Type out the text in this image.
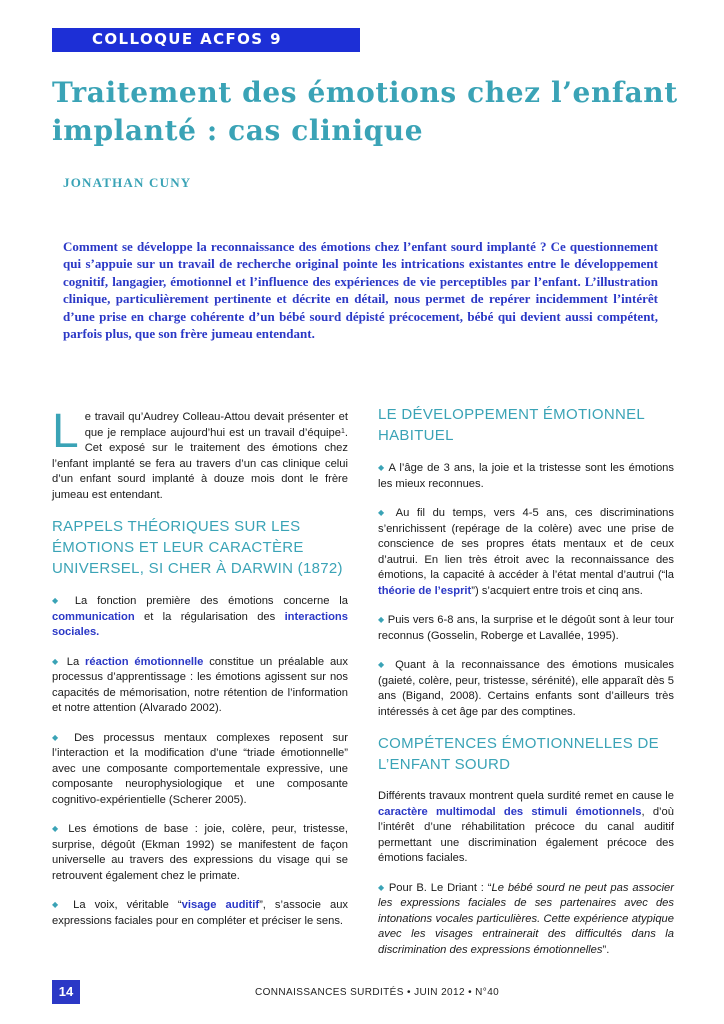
COLLOQUE ACFOS 9
Traitement des émotions chez l’enfant implanté : cas clinique
JONATHAN CUNY

Comment se développe la reconnaissance des émotions chez l’enfant sourd implanté ? Ce questionnement qui s’appuie sur un travail de recherche original pointe les intrications existantes entre le développement cognitif, langagier, émotionnel et l’influence des expériences de vie perceptibles par l’enfant. L’illustration clinique, particulièrement pertinente et décrite en détail, nous permet de repérer incidemment l’intérêt d’une prise en charge cohérente d’un bébé sourd dépisté précocement, bébé qui devient aussi compétent, parfois plus, que son frère jumeau entendant.

Le travail qu’Audrey Colleau-Attou devait présenter et que je remplace aujourd’hui est un travail d’équipe$^1$. Cet exposé sur le traitement des émotions chez l’enfant implanté se fera au travers d’un cas clinique celui d’un enfant sourd implanté à douze mois dont le frère jumeau est entendant.

RAPPELS THÉORIQUES SUR LES ÉMOTIONS ET LEUR CARACTÈRE UNIVERSEL, SI CHER À DARWIN (1872)

◆ La fonction première des émotions concerne la communication et la régularisation des interactions sociales.

◆ La réaction émotionnelle constitue un préalable aux processus d’apprentissage : les émotions agissent sur nos capacités de mémorisation, notre rétention de l’information et notre attention (Alvarado 2002).

◆ Des processus mentaux complexes reposent sur l’interaction et la modification d’une “triade émotionnelle” avec une composante comportementale expressive, une composante neurophysiologique et une composante cognitivo-expérientielle (Scherer 2005).

◆ Les émotions de base : joie, colère, peur, tristesse, surprise, dégoût (Ekman 1992) se manifestent de façon universelle au travers des expressions du visage qui se retrouvent également chez le primate.

◆ La voix, véritable “visage auditif”, s’associe aux expressions faciales pour en compléter et préciser le sens.

LE DÉVELOPPEMENT ÉMOTIONNEL HABITUEL

◆ A l’âge de 3 ans, la joie et la tristesse sont les émotions les mieux reconnues.

◆ Au fil du temps, vers 4-5 ans, ces discriminations s’enrichissent (repérage de la colère) avec une prise de conscience de ses propres états mentaux et de ceux d’autrui. En lien très étroit avec la reconnaissance des émotions, la capacité à accéder à l’état mental d’autrui (“la théorie de l’esprit”) s’acquiert entre trois et cinq ans.

◆ Puis vers 6-8 ans, la surprise et le dégoût sont à leur tour reconnus (Gosselin, Roberge et Lavallée, 1995).

◆ Quant à la reconnaissance des émotions musicales (gaieté, colère, peur, tristesse, sérénité), elle apparaît dès 5 ans (Bigand, 2008). Certains enfants sont d’ailleurs très intéressés à cet âge par des comptines.

COMPÉTENCES ÉMOTIONNELLES DE L’ENFANT SOURD

Différents travaux montrent quela surdité remet en cause le caractère multimodal des stimuli émotionnels, d’où l’intérêt d’une réhabilitation précoce du canal auditif permettant une discrimination également précoce des émotions faciales.

◆ Pour B. Le Driant : “Le bébé sourd ne peut pas associer les expressions faciales de ses partenaires avec des intonations vocales particulières. Cette expérience atypique avec les visages entrainerait des difficultés dans la discrimination des expressions émotionnelles”.

14	CONNAISSANCES SURDITÉS • JUIN 2012 • N°40
